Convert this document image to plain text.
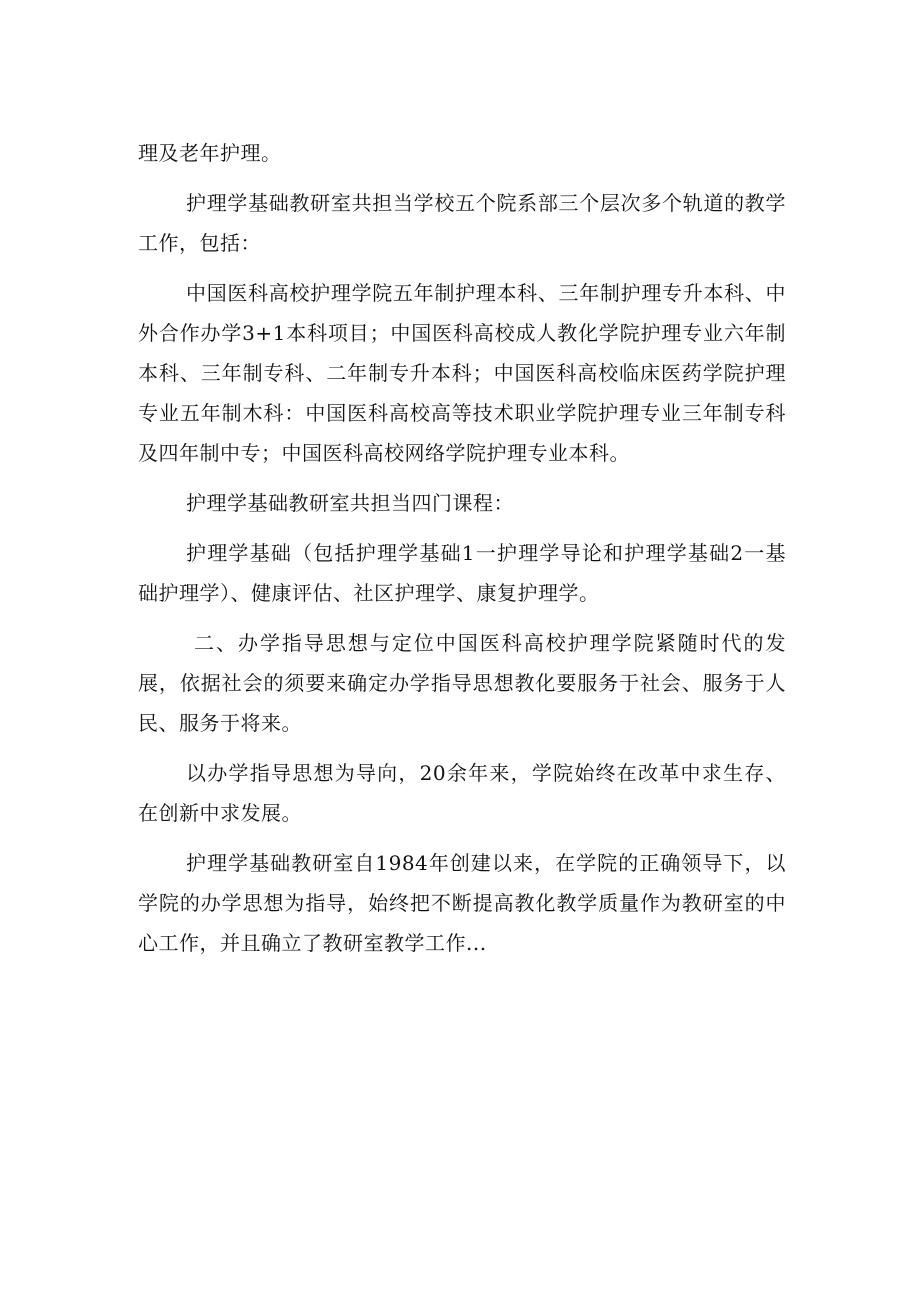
理及老年护理。

护理学基础教研室共担当学校五个院系部三个层次多个轨道的教学工作，包括：

中国医科高校护理学院五年制护理本科、三年制护理专升本科、中外合作办学3+1本科项目；中国医科高校成人教化学院护理专业六年制本科、三年制专科、二年制专升本科；中国医科高校临床医药学院护理专业五年制木科：中国医科高校高等技术职业学院护理专业三年制专科及四年制中专；中国医科高校网络学院护理专业本科。

护理学基础教研室共担当四门课程：

护理学基础（包括护理学基础1一护理学导论和护理学基础2一基础护理学）、健康评估、社区护理学、康复护理学。

二、办学指导思想与定位中国医科高校护理学院紧随时代的发展，依据社会的须要来确定办学指导思想教化要服务于社会、服务于人民、服务于将来。

以办学指导思想为导向，20余年来，学院始终在改革中求生存、在创新中求发展。

护理学基础教研室自1984年创建以来，在学院的正确领导下，以学院的办学思想为指导，始终把不断提高教化教学质量作为教研室的中心工作，并且确立了教研室教学工作...
